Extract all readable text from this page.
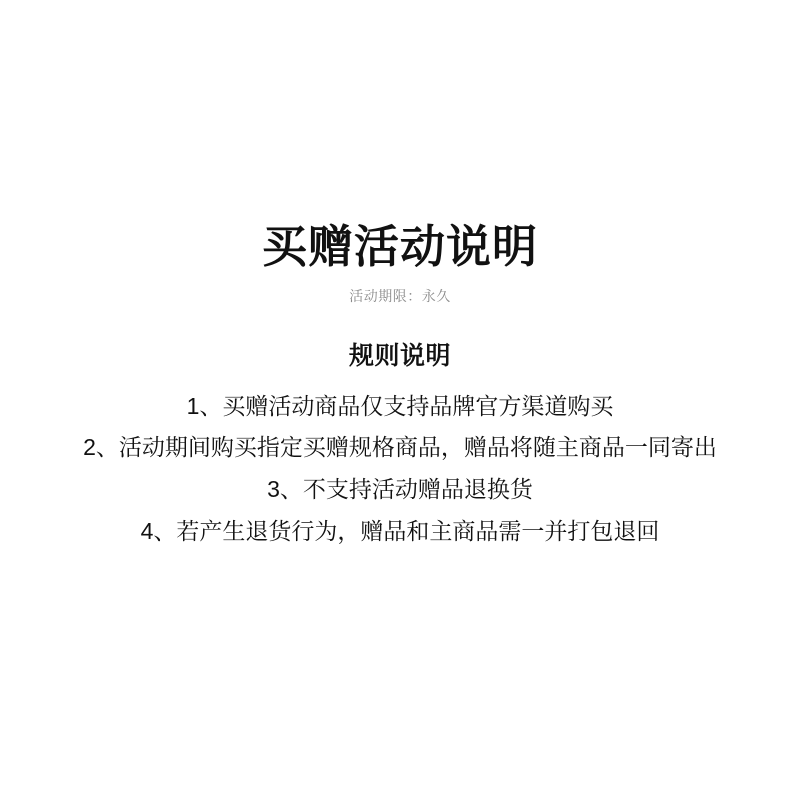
买赠活动说明
活动期限：永久
规则说明
1、买赠活动商品仅支持品牌官方渠道购买
2、活动期间购买指定买赠规格商品，赠品将随主商品一同寄出
3、不支持活动赠品退换货
4、若产生退货行为，赠品和主商品需一并打包退回
